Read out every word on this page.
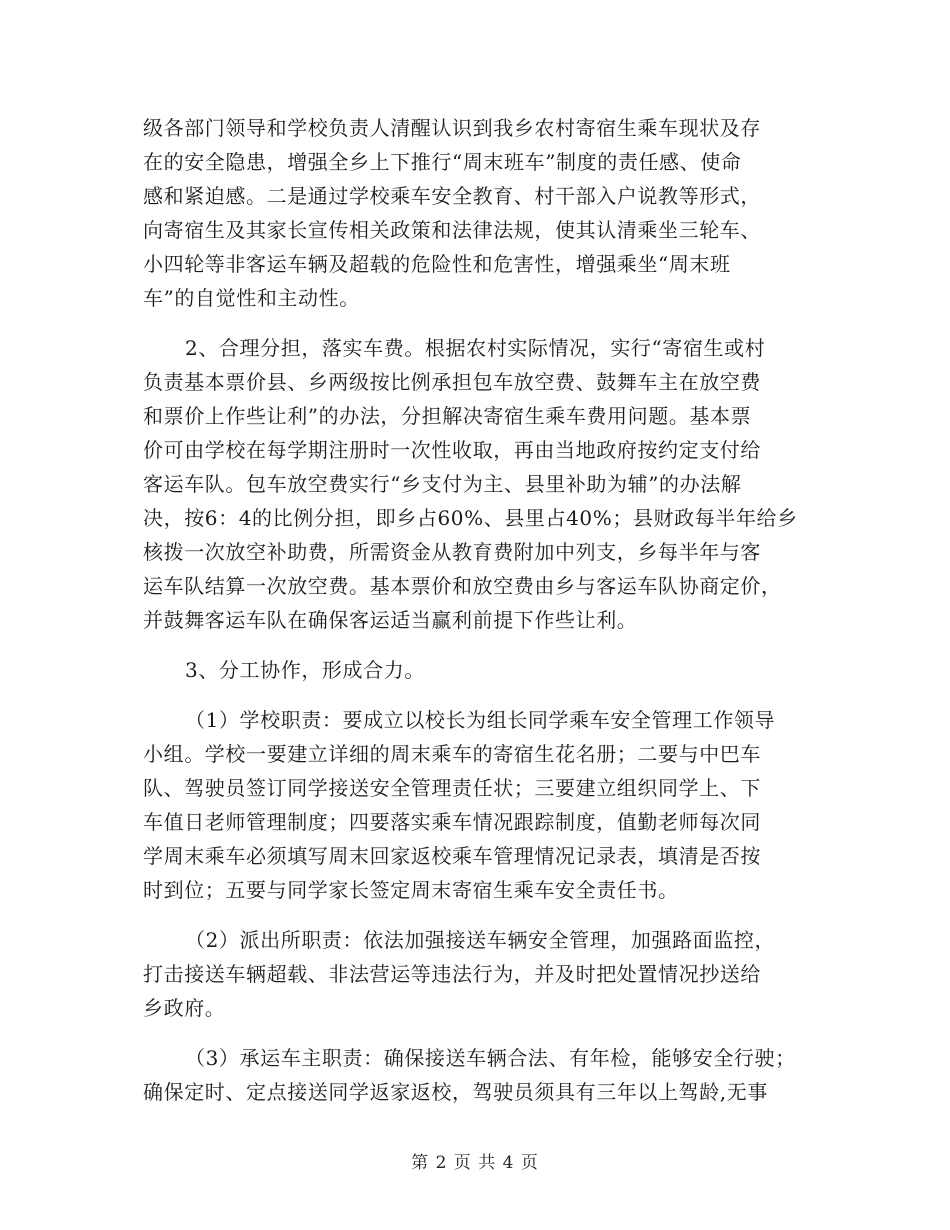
级各部门领导和学校负责人清醒认识到我乡农村寄宿生乘车现状及存
在的安全隐患，增强全乡上下推行“周末班车”制度的责任感、使命
感和紧迫感。二是通过学校乘车安全教育、村干部入户说教等形式，
向寄宿生及其家长宣传相关政策和法律法规，使其认清乘坐三轮车、
小四轮等非客运车辆及超载的危险性和危害性，增强乘坐“周末班
车”的自觉性和主动性。
2、合理分担，落实车费。根据农村实际情况，实行“寄宿生或村
负责基本票价县、乡两级按比例承担包车放空费、鼓舞车主在放空费
和票价上作些让利”的办法，分担解决寄宿生乘车费用问题。基本票
价可由学校在每学期注册时一次性收取，再由当地政府按约定支付给
客运车队。包车放空费实行“乡支付为主、县里补助为辅”的办法解
决，按6：4的比例分担，即乡占60%、县里占40%；县财政每半年给乡
核拨一次放空补助费，所需资金从教育费附加中列支，乡每半年与客
运车队结算一次放空费。基本票价和放空费由乡与客运车队协商定价，
并鼓舞客运车队在确保客运适当赢利前提下作些让利。
3、分工协作，形成合力。
（1）学校职责：要成立以校长为组长同学乘车安全管理工作领导
小组。学校一要建立详细的周末乘车的寄宿生花名册；二要与中巴车
队、驾驶员签订同学接送安全管理责任状；三要建立组织同学上、下
车值日老师管理制度；四要落实乘车情况跟踪制度，值勤老师每次同
学周末乘车必须填写周末回家返校乘车管理情况记录表，填清是否按
时到位；五要与同学家长签定周末寄宿生乘车安全责任书。
（2）派出所职责：依法加强接送车辆安全管理，加强路面监控，
打击接送车辆超载、非法营运等违法行为，并及时把处置情况抄送给
乡政府。
（3）承运车主职责：确保接送车辆合法、有年检，能够安全行驶；
确保定时、定点接送同学返家返校，驾驶员须具有三年以上驾龄,无事
第 2 页 共 4 页
